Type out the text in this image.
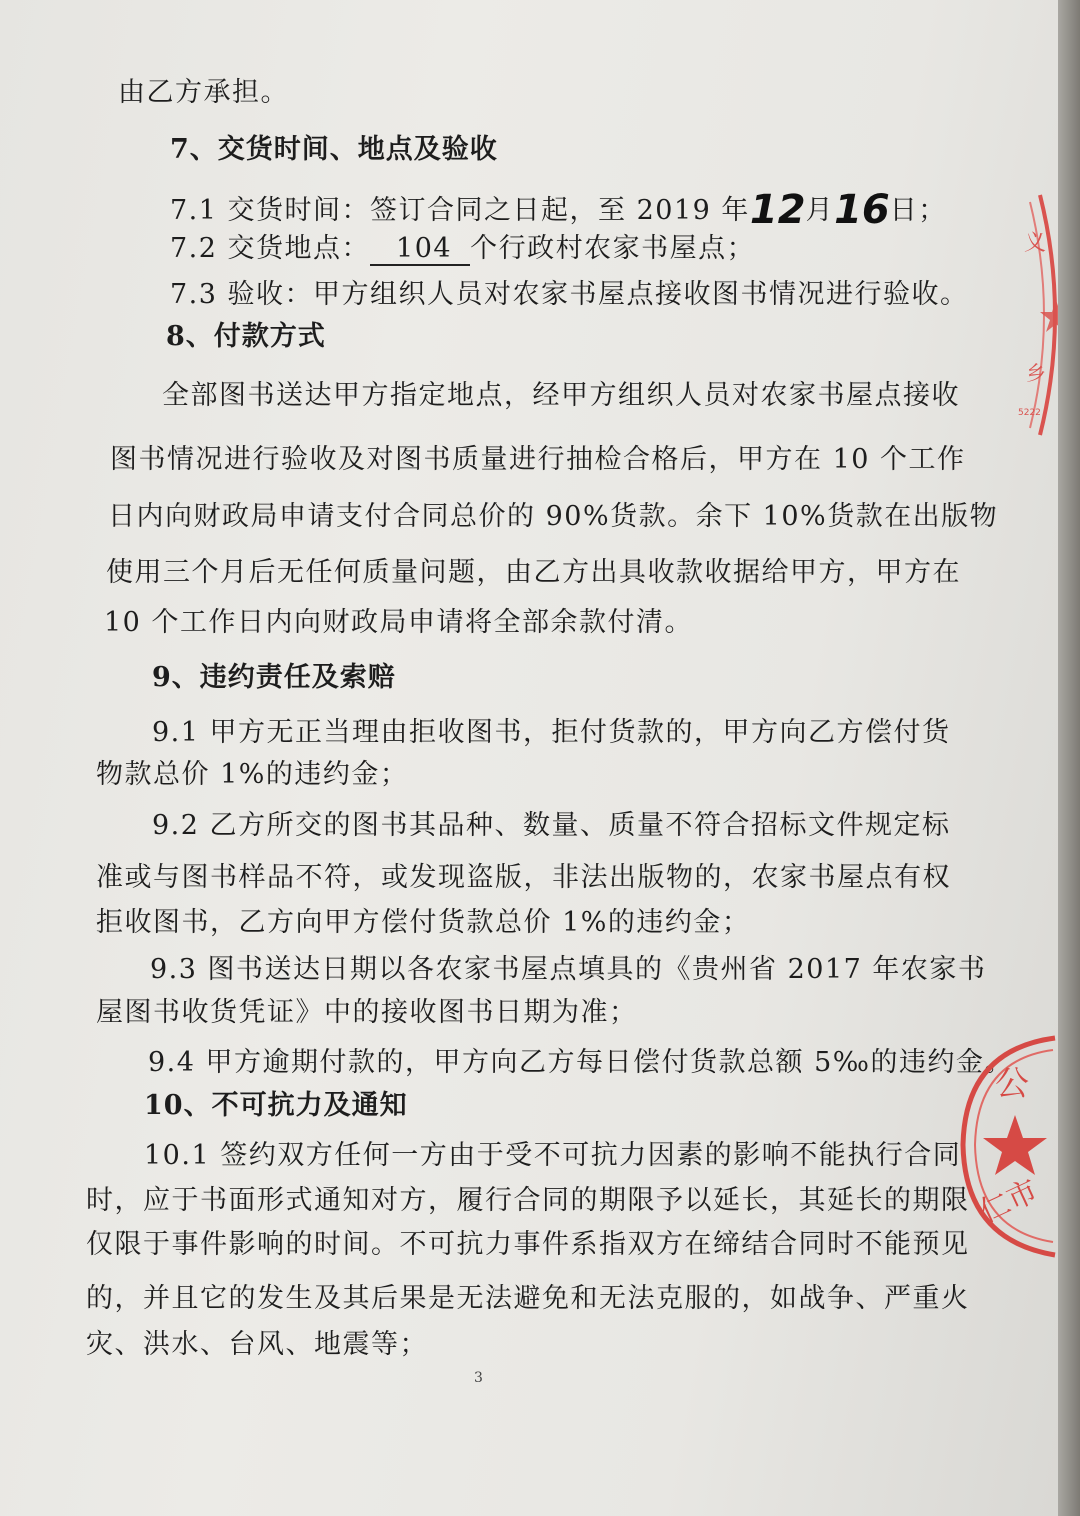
由乙方承担。
7、交货时间、地点及验收
7.1 交货时间：签订合同之日起，至 2019 年12月16日；
7.2 交货地点： 104 个行政村农家书屋点；
7.3 验收：甲方组织人员对农家书屋点接收图书情况进行验收。
8、付款方式
全部图书送达甲方指定地点，经甲方组织人员对农家书屋点接收
图书情况进行验收及对图书质量进行抽检合格后，甲方在 10 个工作
日内向财政局申请支付合同总价的 90%货款。余下 10%货款在出版物
使用三个月后无任何质量问题，由乙方出具收款收据给甲方，甲方在
10 个工作日内向财政局申请将全部余款付清。
9、违约责任及索赔
9.1 甲方无正当理由拒收图书，拒付货款的，甲方向乙方偿付货
物款总价 1%的违约金；
9.2 乙方所交的图书其品种、数量、质量不符合招标文件规定标
准或与图书样品不符，或发现盗版，非法出版物的，农家书屋点有权
拒收图书，乙方向甲方偿付货款总价 1%的违约金；
9.3 图书送达日期以各农家书屋点填具的《贵州省 2017 年农家书
屋图书收货凭证》中的接收图书日期为准；
9.4 甲方逾期付款的，甲方向乙方每日偿付货款总额 5‰的违约金。
10、不可抗力及通知
10.1 签约双方任何一方由于受不可抗力因素的影响不能执行合同
时，应于书面形式通知对方，履行合同的期限予以延长，其延长的期限
仅限于事件影响的时间。不可抗力事件系指双方在缔结合同时不能预见
的，并且它的发生及其后果是无法避免和无法克服的，如战争、严重火
灾、洪水、台风、地震等；
3
义
乡
5222
公
仁市
